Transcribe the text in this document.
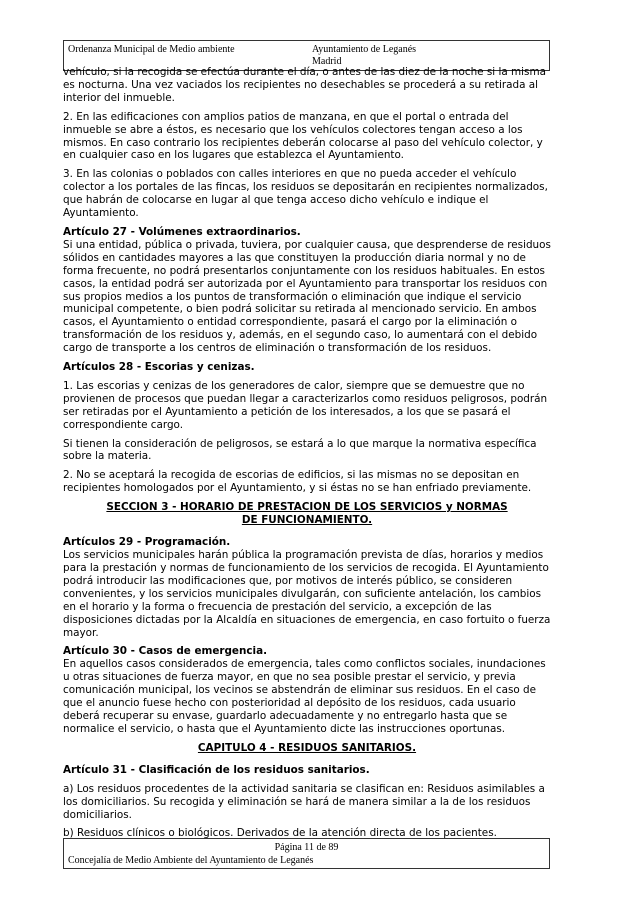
Ordenanza Municipal de Medio ambiente	Ayuntamiento de Leganés
Madrid

vehículo, si la recogida se efectúa durante el día, o antes de las diez de la noche si la misma es nocturna. Una vez vaciados los recipientes no desechables se procederá a su retirada al interior del inmueble.

2. En las edificaciones con amplios patios de manzana, en que el portal o entrada del inmueble se abre a éstos, es necesario que los vehículos colectores tengan acceso a los mismos. En caso contrario los recipientes deberán colocarse al paso del vehículo colector, y en cualquier caso en los lugares que establezca el Ayuntamiento.

3. En las colonias o poblados con calles interiores en que no pueda acceder el vehículo colector a los portales de las fincas, los residuos se depositarán en recipientes normalizados, que habrán de colocarse en lugar al que tenga acceso dicho vehículo e indique el Ayuntamiento.

Artículo 27 - Volúmenes extraordinarios.

Si una entidad, pública o privada, tuviera, por cualquier causa, que desprenderse de residuos sólidos en cantidades mayores a las que constituyen la producción diaria normal y no de forma frecuente, no podrá presentarlos conjuntamente con los residuos habituales. En estos casos, la entidad podrá ser autorizada por el Ayuntamiento para transportar los residuos con sus propios medios a los puntos de transformación o eliminación que indique el servicio municipal competente, o bien podrá solicitar su retirada al mencionado servicio. En ambos casos, el Ayuntamiento o entidad correspondiente, pasará el cargo por la eliminación o transformación de los residuos y, además, en el segundo caso, lo aumentará con el debido cargo de transporte a los centros de eliminación o transformación de los residuos.

Artículos 28 - Escorias y cenizas.

1. Las escorias y cenizas de los generadores de calor, siempre que se demuestre que no provienen de procesos que puedan llegar a caracterizarlos como residuos peligrosos, podrán ser retiradas por el Ayuntamiento a petición de los interesados, a los que se pasará el correspondiente cargo.

Si tienen la consideración de peligrosos, se estará a lo que marque la normativa específica sobre la materia.

2. No se aceptará la recogida de escorias de edificios, si las mismas no se depositan en recipientes homologados por el Ayuntamiento, y si éstas no se han enfriado previamente.

SECCION 3 - HORARIO DE PRESTACION DE LOS SERVICIOS y NORMAS DE FUNCIONAMIENTO.
Artículos 29 - Programación.

Los servicios municipales harán pública la programación prevista de días, horarios y medios para la prestación y normas de funcionamiento de los servicios de recogida. El Ayuntamiento podrá introducir las modificaciones que, por motivos de interés público, se consideren convenientes, y los servicios municipales divulgarán, con suficiente antelación, los cambios en el horario y la forma o frecuencia de prestación del servicio, a excepción de las disposiciones dictadas por la Alcaldía en situaciones de emergencia, en caso fortuito o fuerza mayor.

Artículo 30 - Casos de emergencia.

En aquellos casos considerados de emergencia, tales como conflictos sociales, inundaciones u otras situaciones de fuerza mayor, en que no sea posible prestar el servicio, y previa comunicación municipal, los vecinos se abstendrán de eliminar sus residuos. En el caso de que el anuncio fuese hecho con posterioridad al depósito de los residuos, cada usuario deberá recuperar su envase, guardarlo adecuadamente y no entregarlo hasta que se normalice el servicio, o hasta que el Ayuntamiento dicte las instrucciones oportunas.

CAPITULO 4 - RESIDUOS SANITARIOS.
Artículo 31 - Clasificación de los residuos sanitarios.

a) Los residuos procedentes de la actividad sanitaria se clasifican en: Residuos asimilables a los domiciliarios. Su recogida y eliminación se hará de manera similar a la de los residuos domiciliarios.

b) Residuos clínicos o biológicos. Derivados de la atención directa de los pacientes.

Página 11 de 89
Concejalía de Medio Ambiente del Ayuntamiento de Leganés
